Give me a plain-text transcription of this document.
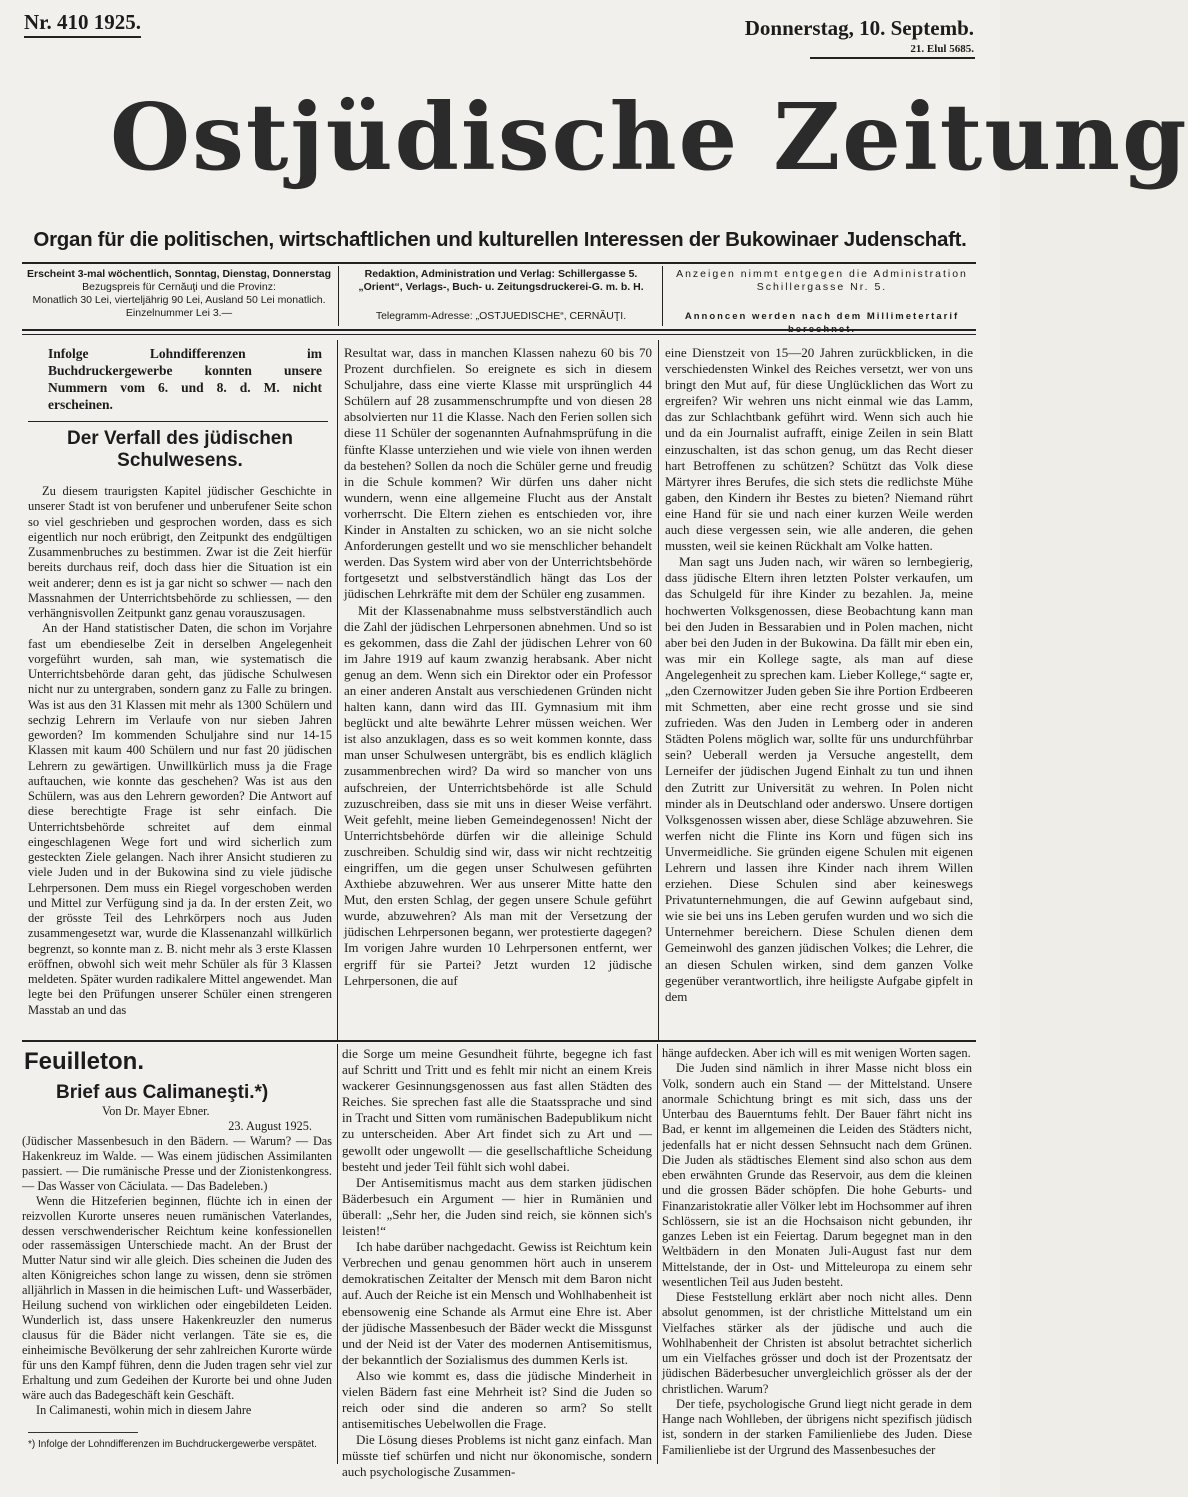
Nr. 410 1925.	Donnerstag, 10. Septemb.
21. Elul 5685.
Ostjüdische Zeitung
Organ für die politischen, wirtschaftlichen und kulturellen Interessen der Bukowinaer Judenschaft.
Erscheint 3-mal wöchentlich, Sonntag, Dienstag, Donnerstag
Bezugspreis für Cernăuţi und die Provinz:
Monatlich 30 Lei, vierteljährig 90 Lei, Ausland 50 Lei monatlich.
Einzelnummer Lei 3.—
Redaktion, Administration und Verlag: Schillergasse 5.
„Orient“, Verlags-, Buch- u. Zeitungsdruckerei-G. m. b. H.
Telegramm-Adresse: „OSTJUEDISCHE“, CERNĂUŢI.
Anzeigen nimmt entgegen die Administration
Schillergasse Nr. 5.
Annoncen werden nach dem Millimetertarif

Infolge Lohndifferenzen im Buchdruckergewerbe konnten unsere Nummern vom 6. und 8. d. M. nicht erscheinen.

Der Verfall des jüdischen Schulwesens.

Zu diesem traurigsten Kapitel jüdischer Geschichte in unserer Stadt ist von berufener und unberufener Seite schon so viel geschrieben und gesprochen worden, dass es sich eigentlich nur noch erübrigt, den Zeitpunkt des endgültigen Zusammenbruches zu bestimmen. Zwar ist die Zeit hierfür bereits durchaus reif, doch dass hier die Situation ist ein weit anderer; denn es ist ja gar nicht so schwer — nach den Massnahmen der Unterrichtsbehörde zu schliessen, — den verhängnisvollen Zeitpunkt ganz genau vorauszusagen.

An der Hand statistischer Daten, die schon im Vorjahre fast um ebendieselbe Zeit in derselben Angelegenheit vorgeführt wurden, sah man, wie systematisch die Unterrichtsbehörde daran geht, das jüdische Schulwesen nicht nur zu untergraben, sondern ganz zu Falle zu bringen. Was ist aus den 31 Klassen mit mehr als 1300 Schülern und sechzig Lehrern im Verlaufe von nur sieben Jahren geworden? Im kommenden Schuljahre sind nur 14-15 Klassen mit kaum 400 Schülern und nur fast 20 jüdischen Lehrern zu gewärtigen. Unwillkürlich muss ja die Frage auftauchen, wie konnte das geschehen? Was ist aus den Schülern, was aus den Lehrern geworden? Die Antwort auf diese berechtigte Frage ist sehr einfach. Die Unterrichtsbehörde schreitet auf dem einmal eingeschlagenen Wege fort und wird sicherlich zum gesteckten Ziele gelangen. Nach ihrer Ansicht studieren zu viele Juden und in der Bukowina sind zu viele jüdische Lehrpersonen. Dem muss ein Riegel vorgeschoben werden und Mittel zur Verfügung sind ja da. In der ersten Zeit, wo der grösste Teil des Lehrkörpers noch aus Juden zusammengesetzt war, wurde die Klassenanzahl willkürlich begrenzt, so konnte man z. B. nicht mehr als 3 erste Klassen eröffnen, obwohl sich weit mehr Schüler als für 3 Klassen meldeten. Später wurden radikalere Mittel angewendet. Man legte bei den Prüfungen unserer Schüler einen strengeren Masstab an und das

Resultat war, dass in manchen Klassen nahezu 60 bis 70 Prozent durchfielen. So ereignete es sich in diesem Schuljahre, dass eine vierte Klasse mit ursprünglich 44 Schülern auf 28 zusammenschrumpfte und von diesen 28 absolvierten nur 11 die Klasse. Nach den Ferien sollen sich diese 11 Schüler der sogenannten Aufnahmsprüfung in die fünfte Klasse unterziehen und wie viele von ihnen werden da bestehen? Sollen da noch die Schüler gerne und freudig in die Schule kommen? Wir dürfen uns daher nicht wundern, wenn eine allgemeine Flucht aus der Anstalt vorherrscht. Die Eltern ziehen es entschieden vor, ihre Kinder in Anstalten zu schicken, wo an sie nicht solche Anforderungen gestellt und wo sie menschlicher behandelt werden. Das System wird aber von der Unterrichtsbehörde fortgesetzt und selbstverständlich hängt das Los der jüdischen Lehrkräfte mit dem der Schüler eng zusammen.

Mit der Klassenabnahme muss selbstverständlich auch die Zahl der jüdischen Lehrpersonen abnehmen. Und so ist es gekommen, dass die Zahl der jüdischen Lehrer von 60 im Jahre 1919 auf kaum zwanzig herabsank. Aber nicht genug an dem. Wenn sich ein Direktor oder ein Professor an einer anderen Anstalt aus verschiedenen Gründen nicht halten kann, dann wird das III. Gymnasium mit ihm beglückt und alte bewährte Lehrer müssen weichen. Wer ist also anzuklagen, dass es so weit kommen konnte, dass man unser Schulwesen untergräbt, bis es endlich kläglich zusammenbrechen wird? Da wird so mancher von uns aufschreien, der Unterrichtsbehörde ist alle Schuld zuzuschreiben, dass sie mit uns in dieser Weise verfährt. Weit gefehlt, meine lieben Gemeindegenossen! Nicht der Unterrichtsbehörde dürfen wir die alleinige Schuld zuschreiben. Schuldig sind wir, dass wir nicht rechtzeitig eingriffen, um die gegen unser Schulwesen geführten Axthiebe abzuwehren. Wer aus unserer Mitte hatte den Mut, den ersten Schlag, der gegen unsere Schule geführt wurde, abzuwehren? Als man mit der Versetzung der jüdischen Lehrpersonen begann, wer protestierte dagegen? Im vorigen Jahre wurden 10 Lehrpersonen entfernt, wer ergriff für sie Partei? Jetzt wurden 12 jüdische Lehrpersonen, die auf

eine Dienstzeit von 15—20 Jahren zurückblicken, in die verschiedensten Winkel des Reiches versetzt, wer von uns bringt den Mut auf, für diese Unglücklichen das Wort zu ergreifen? Wir wehren uns nicht einmal wie das Lamm, das zur Schlachtbank geführt wird. Wenn sich auch hie und da ein Journalist aufrafft, einige Zeilen in sein Blatt einzuschalten, ist das schon genug, um das Recht dieser hart Betroffenen zu schützen? Schützt das Volk diese Märtyrer ihres Berufes, die sich stets die redlichste Mühe gaben, den Kindern ihr Bestes zu bieten? Niemand rührt eine Hand für sie und nach einer kurzen Weile werden auch diese vergessen sein, wie alle anderen, die gehen mussten, weil sie keinen Rückhalt am Volke hatten.

Man sagt uns Juden nach, wir wären so lernbegierig, dass jüdische Eltern ihren letzten Polster verkaufen, um das Schulgeld für ihre Kinder zu bezahlen. Ja, meine hochwerten Volksgenossen, diese Beobachtung kann man bei den Juden in Bessarabien und in Polen machen, nicht aber bei den Juden in der Bukowina. Da fällt mir eben ein, was mir ein Kollege sagte, als man auf diese Angelegenheit zu sprechen kam. Lieber Kollege,“ sagte er, „den Czernowitzer Juden geben Sie ihre Portion Erdbeeren mit Schmetten, aber eine recht grosse und sie sind zufrieden. Was den Juden in Lemberg oder in anderen Städten Polens möglich war, sollte für uns undurchführbar sein? Ueberall werden ja Versuche angestellt, dem Lerneifer der jüdischen Jugend Einhalt zu tun und ihnen den Zutritt zur Universität zu wehren. In Polen nicht minder als in Deutschland oder anderswo. Unsere dortigen Volksgenossen wissen aber, diese Schläge abzuwehren. Sie werfen nicht die Flinte ins Korn und fügen sich ins Unvermeidliche. Sie gründen eigene Schulen mit eigenen Lehrern und lassen ihre Kinder nach ihrem Willen erziehen. Diese Schulen sind aber keineswegs Privatunternehmungen, die auf Gewinn aufgebaut sind, wie sie bei uns ins Leben gerufen wurden und wo sich die Unternehmer bereichern. Diese Schulen dienen dem Gemeinwohl des ganzen jüdischen Volkes; die Lehrer, die an diesen Schulen wirken, sind dem ganzen Volke gegenüber verantwortlich, ihre heiligste Aufgabe gipfelt in dem

Feuilleton.

Brief aus Calimaneşti.*)

Von Dr. Mayer Ebner.

23. August 1925.

(Jüdischer Massenbesuch in den Bädern. — Warum? — Das Hakenkreuz im Walde. — Was einem jüdischen Assimilanten passiert. — Die rumänische Presse und der Zionistenkongress. — Das Wasser von Căciulata. — Das Badeleben.)

Wenn die Hitzeferien beginnen, flüchte ich in einen der reizvollen Kurorte unseres neuen rumänischen Vaterlandes, dessen verschwenderischer Reichtum keine konfessionellen oder rassemässigen Unterschiede macht. An der Brust der Mutter Natur sind wir alle gleich. Dies scheinen die Juden des alten Königreiches schon lange zu wissen, denn sie strömen alljährlich in Massen in die heimischen Luft- und Wasserbäder, Heilung suchend von wirklichen oder eingebildeten Leiden. Wunderlich ist, dass unsere Hakenkreuzler den numerus clausus für die Bäder nicht verlangen. Täte sie es, die einheimische Bevölkerung der sehr zahlreichen Kurorte würde für uns den Kampf führen, denn die Juden tragen sehr viel zur Erhaltung und zum Gedeihen der Kurorte bei und ohne Juden wäre auch das Badegeschäft kein Geschäft.

In Calimanesti, wohin mich in diesem Jahre

*) Infolge der Lohndifferenzen im Buchdruckergewerbe verspätet.

die Sorge um meine Gesundheit führte, begegne ich fast auf Schritt und Tritt und es fehlt mir nicht an einem Kreis wackerer Gesinnungsgenossen aus fast allen Städten des Reiches. Sie sprechen fast alle die Staatssprache und sind in Tracht und Sitten vom rumänischen Badepublikum nicht zu unterscheiden. Aber Art findet sich zu Art und — gewollt oder ungewollt — die gesellschaftliche Scheidung besteht und jeder Teil fühlt sich wohl dabei.

Der Antisemitismus macht aus dem starken jüdischen Bäderbesuch ein Argument — hier in Rumänien und überall: „Sehr her, die Juden sind reich, sie können sich's leisten!“

Ich habe darüber nachgedacht. Gewiss ist Reichtum kein Verbrechen und genau genommen hört auch in unserem demokratischen Zeitalter der Mensch mit dem Baron nicht auf. Auch der Reiche ist ein Mensch und Wohlhabenheit ist ebensowenig eine Schande als Armut eine Ehre ist. Aber der jüdische Massenbesuch der Bäder weckt die Missgunst und der Neid ist der Vater des modernen Antisemitismus, der bekanntlich der Sozialismus des dummen Kerls ist.

Also wie kommt es, dass die jüdische Minderheit in vielen Bädern fast eine Mehrheit ist? Sind die Juden so reich oder sind die anderen so arm? So stellt antisemitisches Uebelwollen die Frage.

Die Lösung dieses Problems ist nicht ganz einfach. Man müsste tief schürfen und nicht nur ökonomische, sondern auch psychologische Zusammen-

hänge aufdecken. Aber ich will es mit wenigen Worten sagen.

Die Juden sind nämlich in ihrer Masse nicht bloss ein Volk, sondern auch ein Stand — der Mittelstand. Unsere anormale Schichtung bringt es mit sich, dass uns der Unterbau des Bauerntums fehlt. Der Bauer fährt nicht ins Bad, er kennt im allgemeinen die Leiden des Städters nicht, jedenfalls hat er nicht dessen Sehnsucht nach dem Grünen. Die Juden als städtisches Element sind also schon aus dem eben erwähnten Grunde das Reservoir, aus dem die kleinen und die grossen Bäder schöpfen. Die hohe Geburts- und Finanzaristokratie aller Völker lebt im Hochsommer auf ihren Schlössern, sie ist an die Hochsaison nicht gebunden, ihr ganzes Leben ist ein Feiertag. Darum begegnet man in den Weltbädern in den Monaten Juli-August fast nur dem Mittelstande, der in Ost- und Mitteleuropa zu einem sehr wesentlichen Teil aus Juden besteht.

Diese Feststellung erklärt aber noch nicht alles. Denn absolut genommen, ist der christliche Mittelstand um ein Vielfaches stärker als der jüdische und auch die Wohlhabenheit der Christen ist absolut betrachtet sicherlich um ein Vielfaches grösser und doch ist der Prozentsatz der jüdischen Bäderbesucher unvergleichlich grösser als der der christlichen. Warum?

Der tiefe, psychologische Grund liegt nicht gerade in dem Hange nach Wohlleben, der übrigens nicht spezifisch jüdisch ist, sondern in der starken Familienliebe des Juden. Diese Familienliebe ist der Urgrund des Massenbesuches der
